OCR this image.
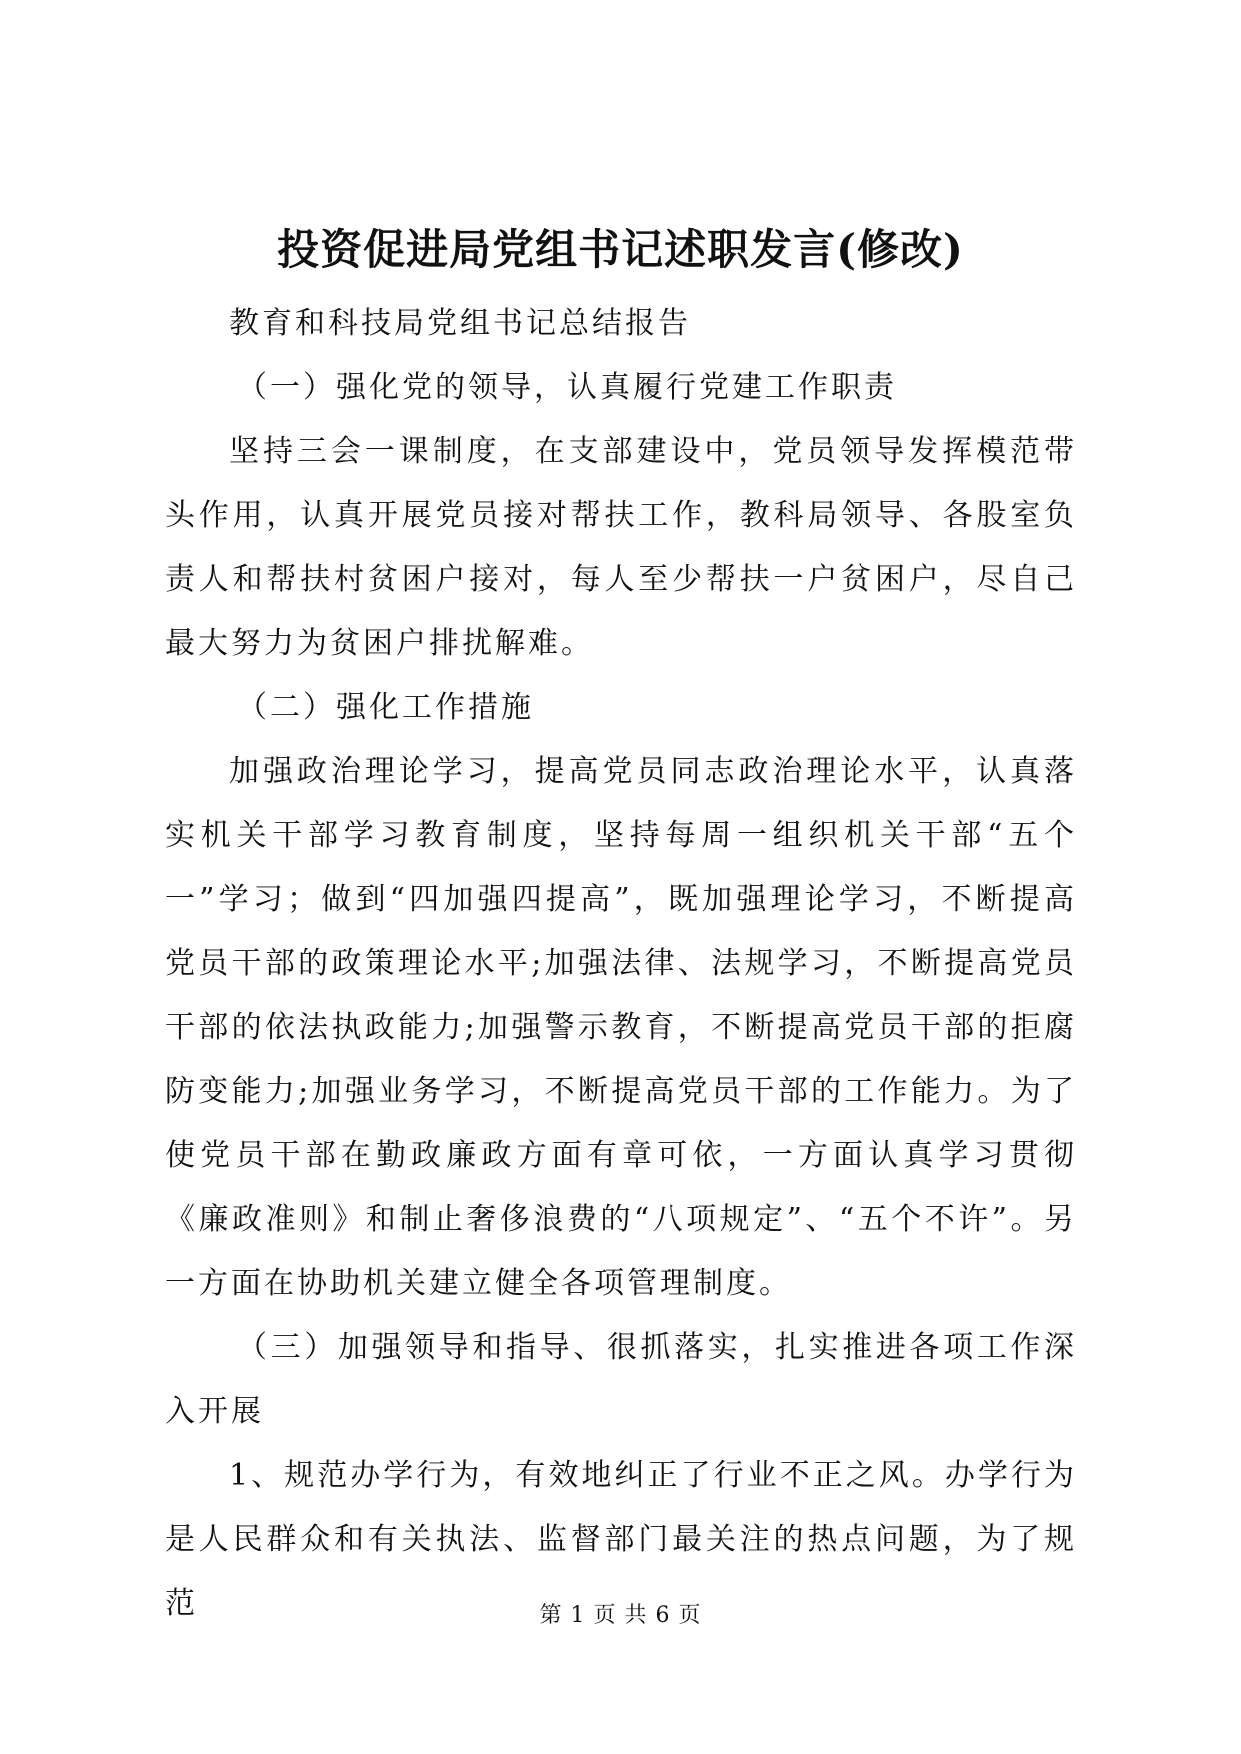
投资促进局党组书记述职发言(修改)

教育和科技局党组书记总结报告

（一）强化党的领导，认真履行党建工作职责

坚持三会一课制度，在支部建设中，党员领导发挥模范带头作用，认真开展党员接对帮扶工作，教科局领导、各股室负责人和帮扶村贫困户接对，每人至少帮扶一户贫困户，尽自己最大努力为贫困户排扰解难。

（二）强化工作措施

加强政治理论学习，提高党员同志政治理论水平，认真落实机关干部学习教育制度，坚持每周一组织机关干部“五个一”学习；做到“四加强四提高”，既加强理论学习，不断提高党员干部的政策理论水平;加强法律、法规学习，不断提高党员干部的依法执政能力;加强警示教育，不断提高党员干部的拒腐防变能力;加强业务学习，不断提高党员干部的工作能力。为了使党员干部在勤政廉政方面有章可依，一方面认真学习贯彻《廉政准则》和制止奢侈浪费的“八项规定”、“五个不许”。另一方面在协助机关建立健全各项管理制度。

（三）加强领导和指导、很抓落实，扎实推进各项工作深入开展

1、规范办学行为，有效地纠正了行业不正之风。办学行为是人民群众和有关执法、监督部门最关注的热点问题，为了规范	第 1 页 共 6 页
